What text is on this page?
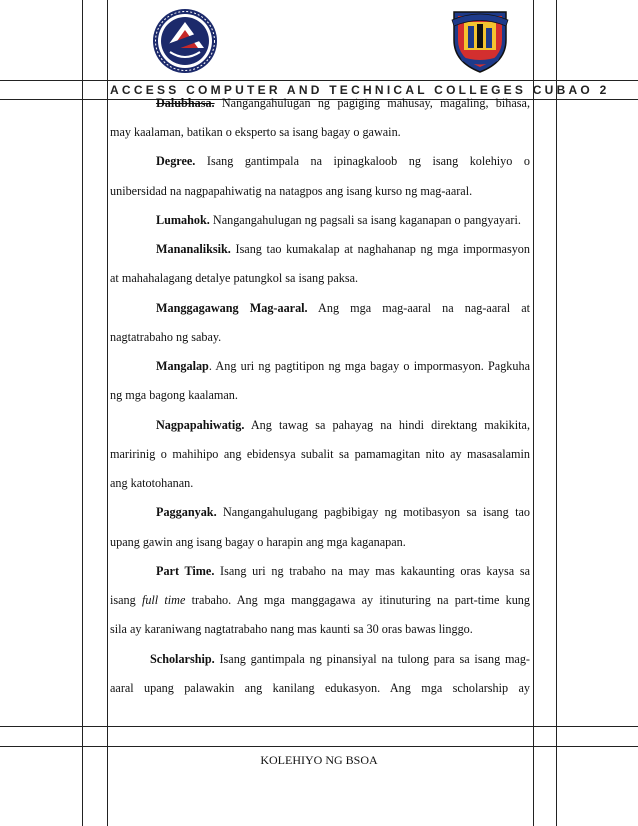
ACCESS COMPUTER AND TECHNICAL COLLEGES CUBAO 2
Dalubhasa. Nangangahulugan ng pagiging mahusay, magaling, bihasa,
may kaalaman, batikan o eksperto sa isang bagay o gawain.
Degree. Isang gantimpala na ipinagkaloob ng isang kolehiyo o
unibersidad na nagpapahiwatig na natagpos ang isang kurso ng mag-aaral.
Lumahok. Nangangahulugan ng pagsali sa isang kaganapan o pangyayari.
Mananaliksik. Isang tao kumakalap at naghahanap ng mga impormasyon
at mahahalagang detalye patungkol sa isang paksa.
Manggagawang Mag-aaral. Ang mga mag-aaral na nag-aaral at
nagtatrabaho ng sabay.
Mangalap. Ang uri ng pagtitipon ng mga bagay o impormasyon. Pagkuha
ng mga bagong kaalaman.
Nagpapahiwatig. Ang tawag sa pahayag na hindi direktang makikita,
maririnig o mahihipo ang ebidensya subalit sa pamamagitan nito ay masasalamin
ang katotohanan.
Pagganyak. Nangangahulugang pagbibigay ng motibasyon sa isang tao
upang gawin ang isang bagay o harapin ang mga kaganapan.
Part Time. Isang uri ng trabaho na may mas kakaunting oras kaysa sa
isang full time trabaho. Ang mga manggagawa ay itinuturing na part-time kung
sila ay karaniwang nagtatrabaho nang mas kaunti sa 30 oras bawas linggo.
Scholarship. Isang gantimpala ng pinansiyal na tulong para sa isang mag-
aaral upang palawakin ang kanilang edukasyon. Ang mga scholarship ay
KOLEHIYO NG BSOA
